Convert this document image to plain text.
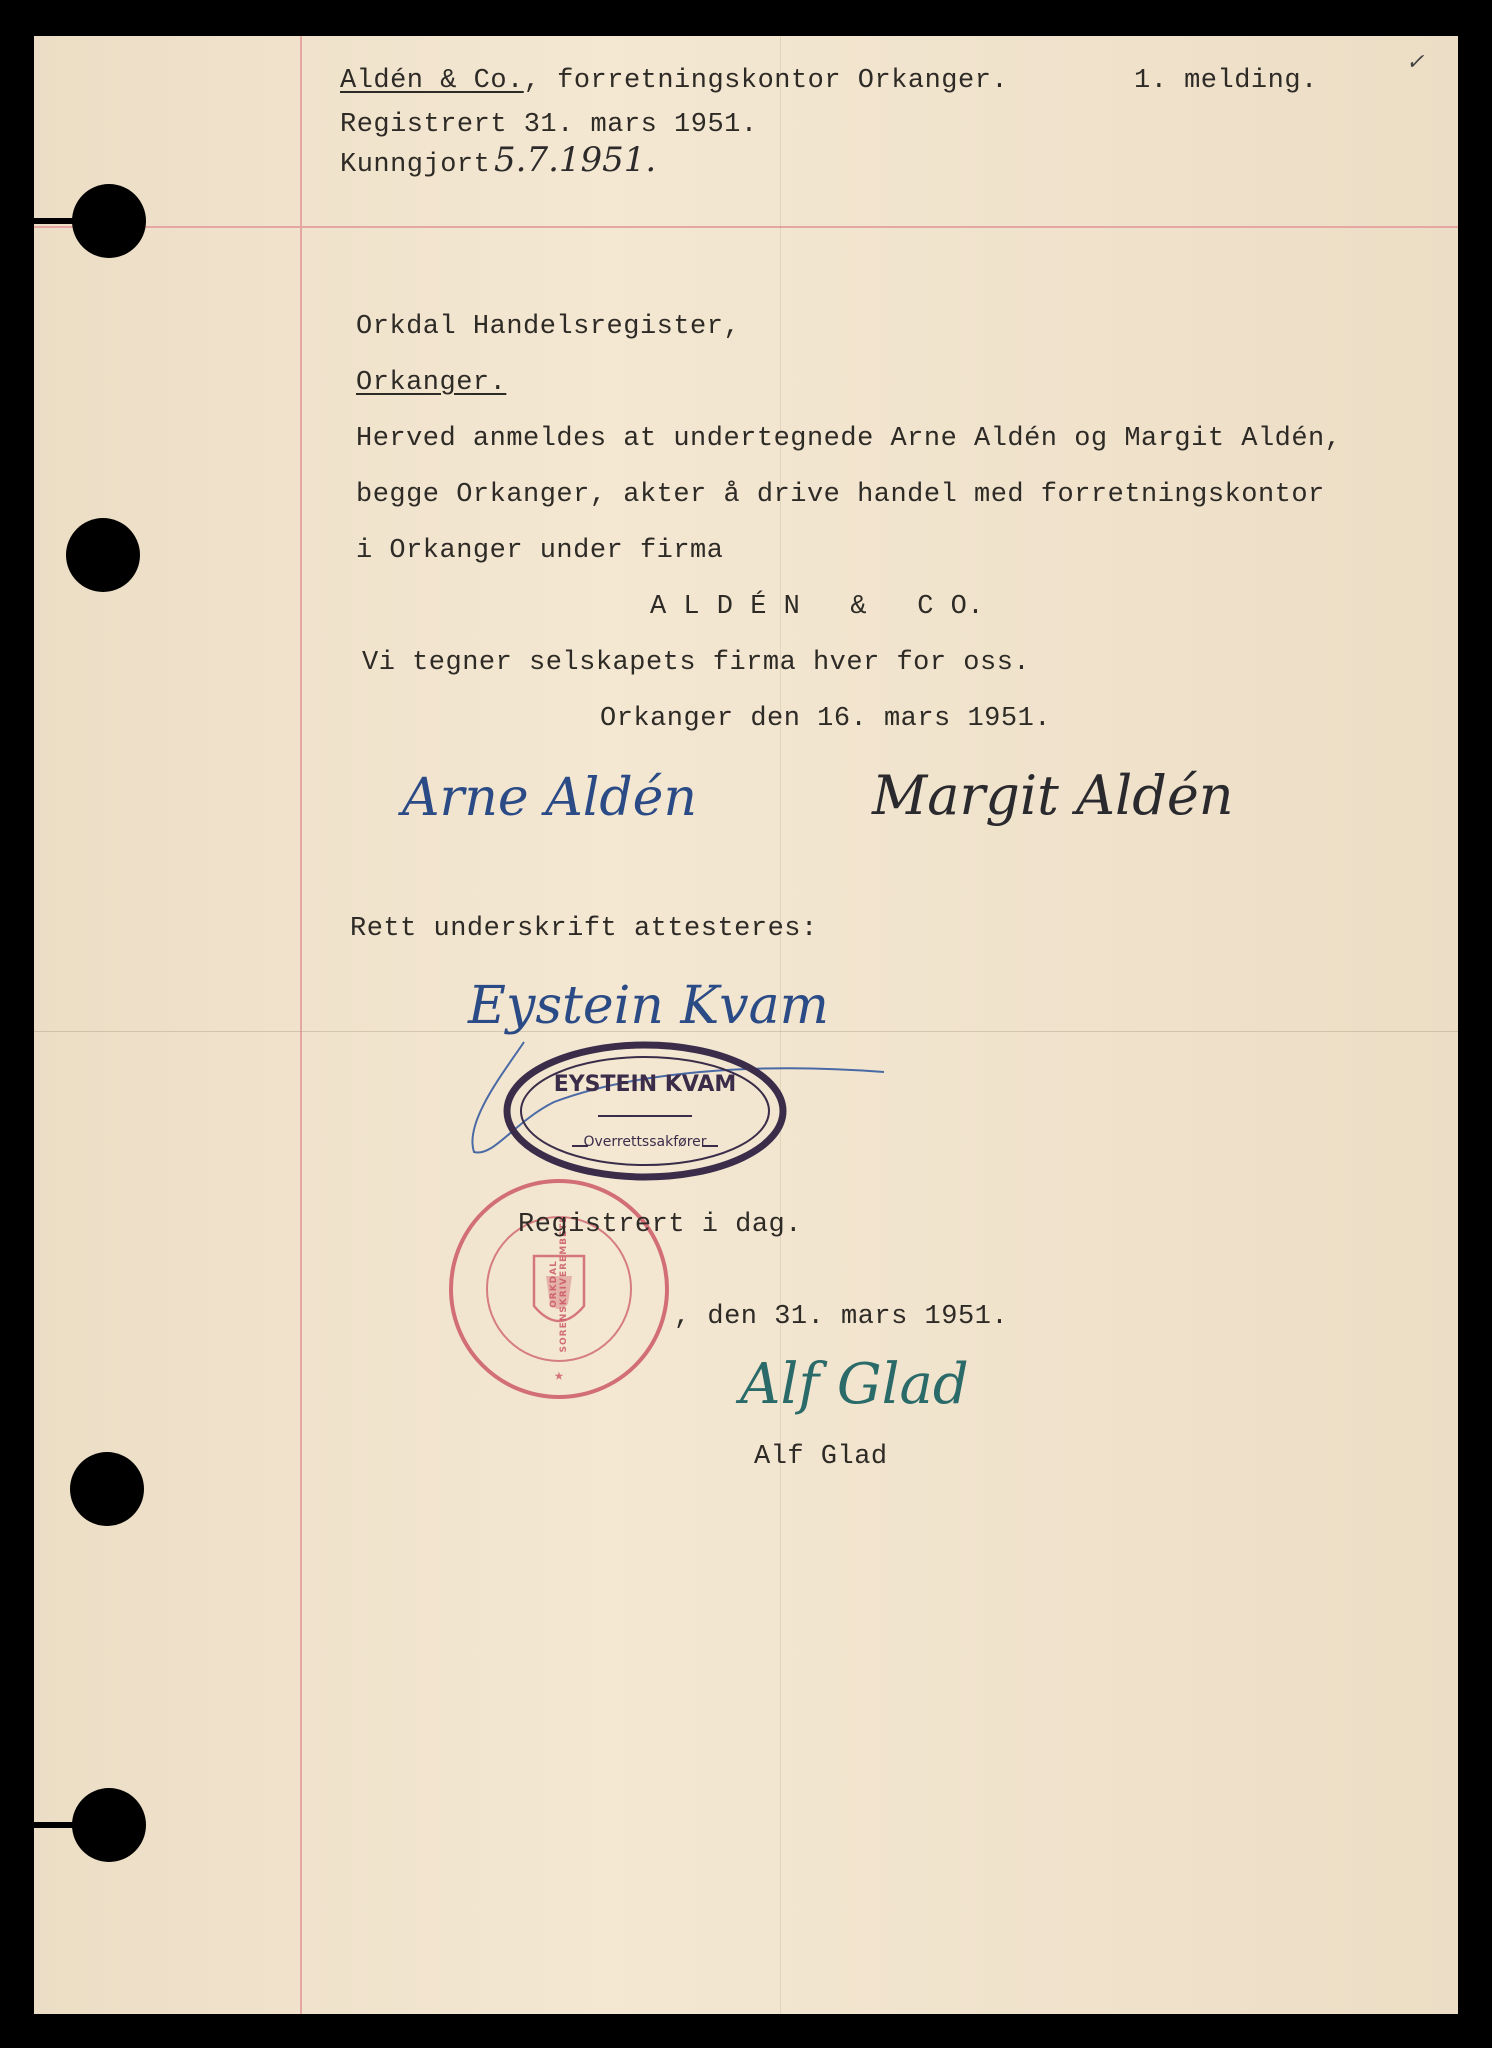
Aldén & Co., forretningskontor Orkanger.	1. melding.
Registrert 31. mars 1951.
Kunngjort 5.7.1951.
✓
Orkdal Handelsregister,
Orkanger.
Herved anmeldes at undertegnede Arne Aldén og Margit Aldén,
begge Orkanger, akter å drive handel med forretningskontor
i Orkanger under firma
A L D É N   &   C O.
Vi tegner selskapets firma hver for oss.
Orkanger den 16. mars 1951.
Arne Aldén	Margit Aldén
Rett underskrift attesteres:
Eystein Kvam
EYSTEIN KVAM
Overrettssakfører
★
ORKDAL SORENSKRIVEREMBETE
Registrert i dag.
, den 31. mars 1951.
Alf Glad
Alf Glad
